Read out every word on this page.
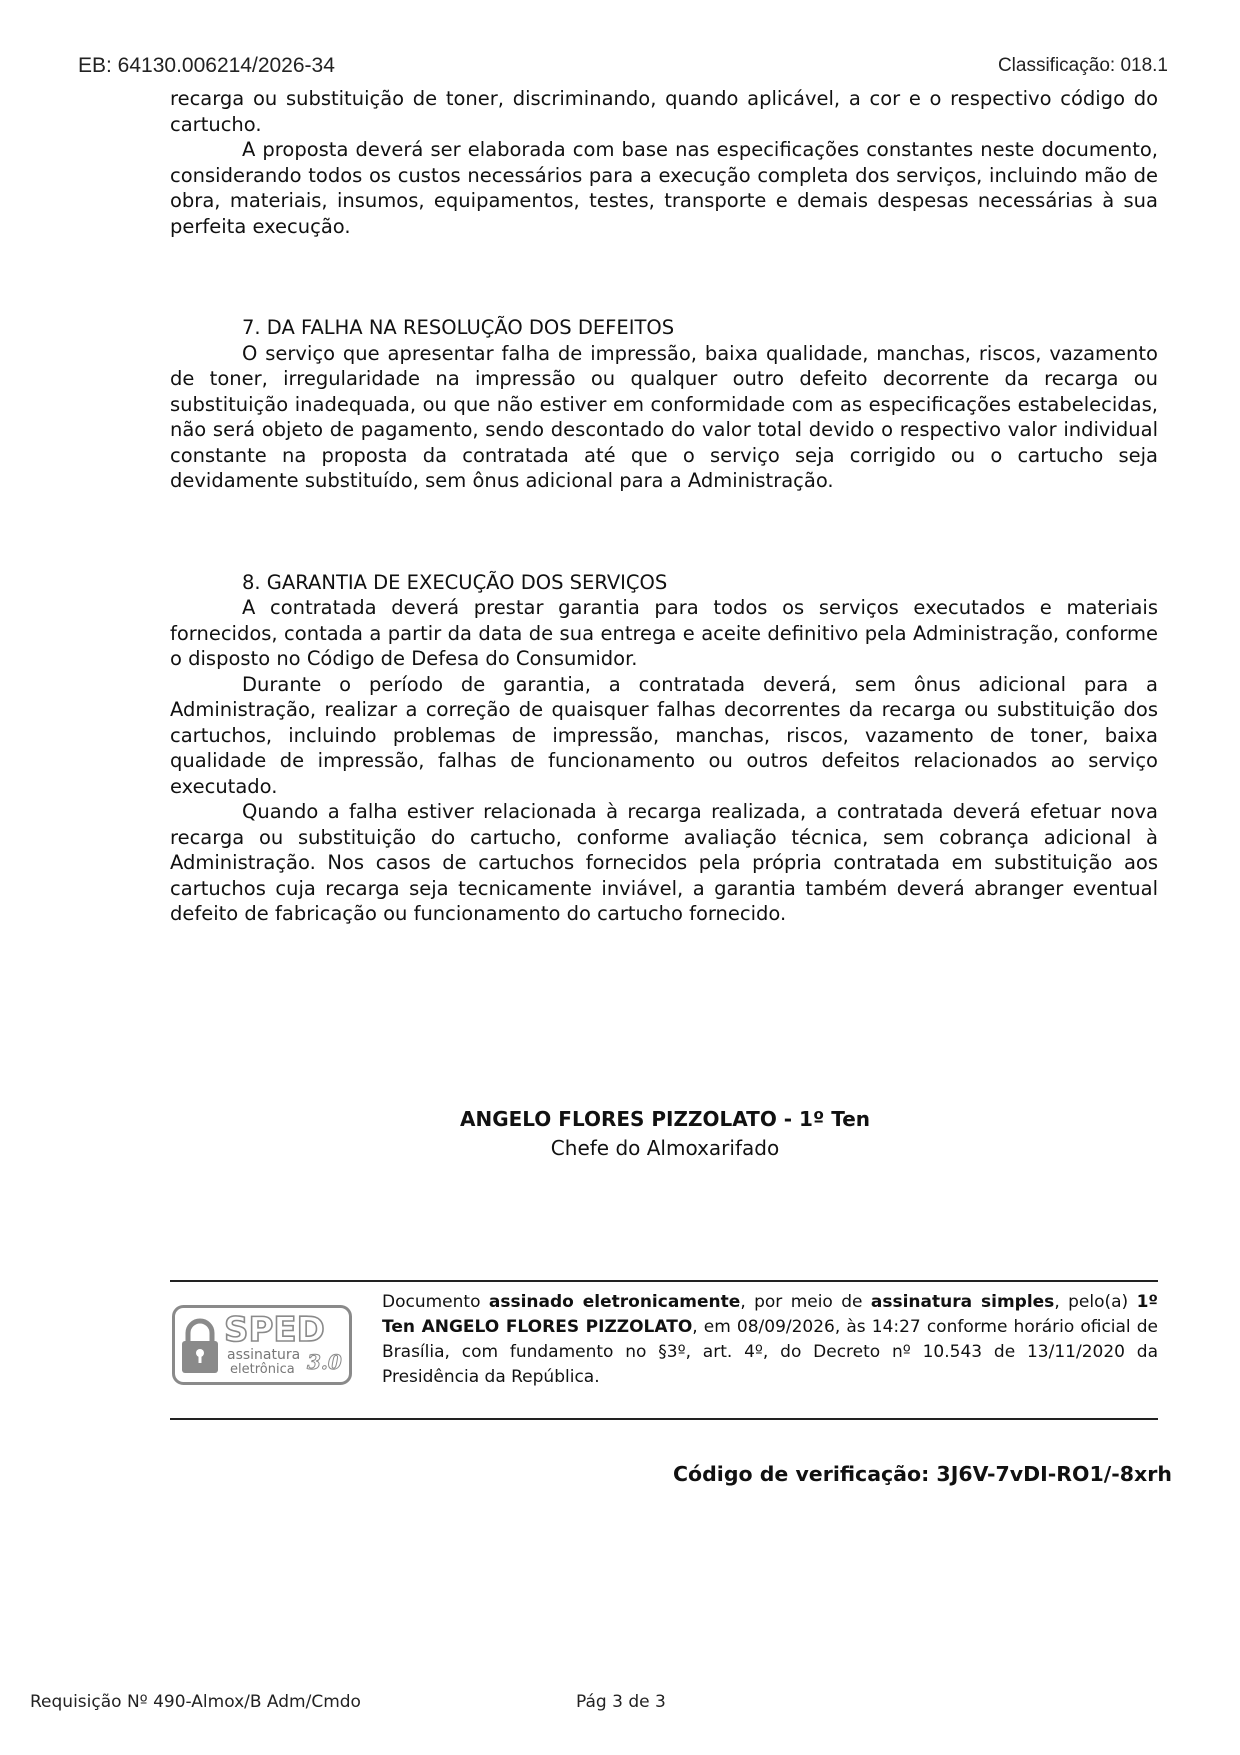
EB: 64130.006214/2026-34	Classificação: 018.1

recarga ou substituição de toner, discriminando, quando aplicável, a cor e o respectivo código do cartucho.

A proposta deverá ser elaborada com base nas especificações constantes neste documento, considerando todos os custos necessários para a execução completa dos serviços, incluindo mão de obra, materiais, insumos, equipamentos, testes, transporte e demais despesas necessárias à sua perfeita execução.

7. DA FALHA NA RESOLUÇÃO DOS DEFEITOS

O serviço que apresentar falha de impressão, baixa qualidade, manchas, riscos, vazamento de toner, irregularidade na impressão ou qualquer outro defeito decorrente da recarga ou substituição inadequada, ou que não estiver em conformidade com as especificações estabelecidas, não será objeto de pagamento, sendo descontado do valor total devido o respectivo valor individual constante na proposta da contratada até que o serviço seja corrigido ou o cartucho seja devidamente substituído, sem ônus adicional para a Administração.

8. GARANTIA DE EXECUÇÃO DOS SERVIÇOS

A contratada deverá prestar garantia para todos os serviços executados e materiais fornecidos, contada a partir da data de sua entrega e aceite definitivo pela Administração, conforme o disposto no Código de Defesa do Consumidor.

Durante o período de garantia, a contratada deverá, sem ônus adicional para a Administração, realizar a correção de quaisquer falhas decorrentes da recarga ou substituição dos cartuchos, incluindo problemas de impressão, manchas, riscos, vazamento de toner, baixa qualidade de impressão, falhas de funcionamento ou outros defeitos relacionados ao serviço executado.

Quando a falha estiver relacionada à recarga realizada, a contratada deverá efetuar nova recarga ou substituição do cartucho, conforme avaliação técnica, sem cobrança adicional à Administração. Nos casos de cartuchos fornecidos pela própria contratada em substituição aos cartuchos cuja recarga seja tecnicamente inviável, a garantia também deverá abranger eventual defeito de fabricação ou funcionamento do cartucho fornecido.

ANGELO FLORES PIZZOLATO - 1º Ten
Chefe do Almoxarifado
SPED
assinatura
eletrônica 3.0
Documento assinado eletronicamente, por meio de assinatura simples, pelo(a) 1º Ten ANGELO FLORES PIZZOLATO, em 08/09/2026, às 14:27 conforme horário oficial de Brasília, com fundamento no §3º, art. 4º, do Decreto nº 10.543 de 13/11/2020 da Presidência da República.
Código de verificação: 3J6V-7vDI-RO1/-8xrh
Requisição Nº 490-Almox/B Adm/Cmdo	Pág 3 de 3
